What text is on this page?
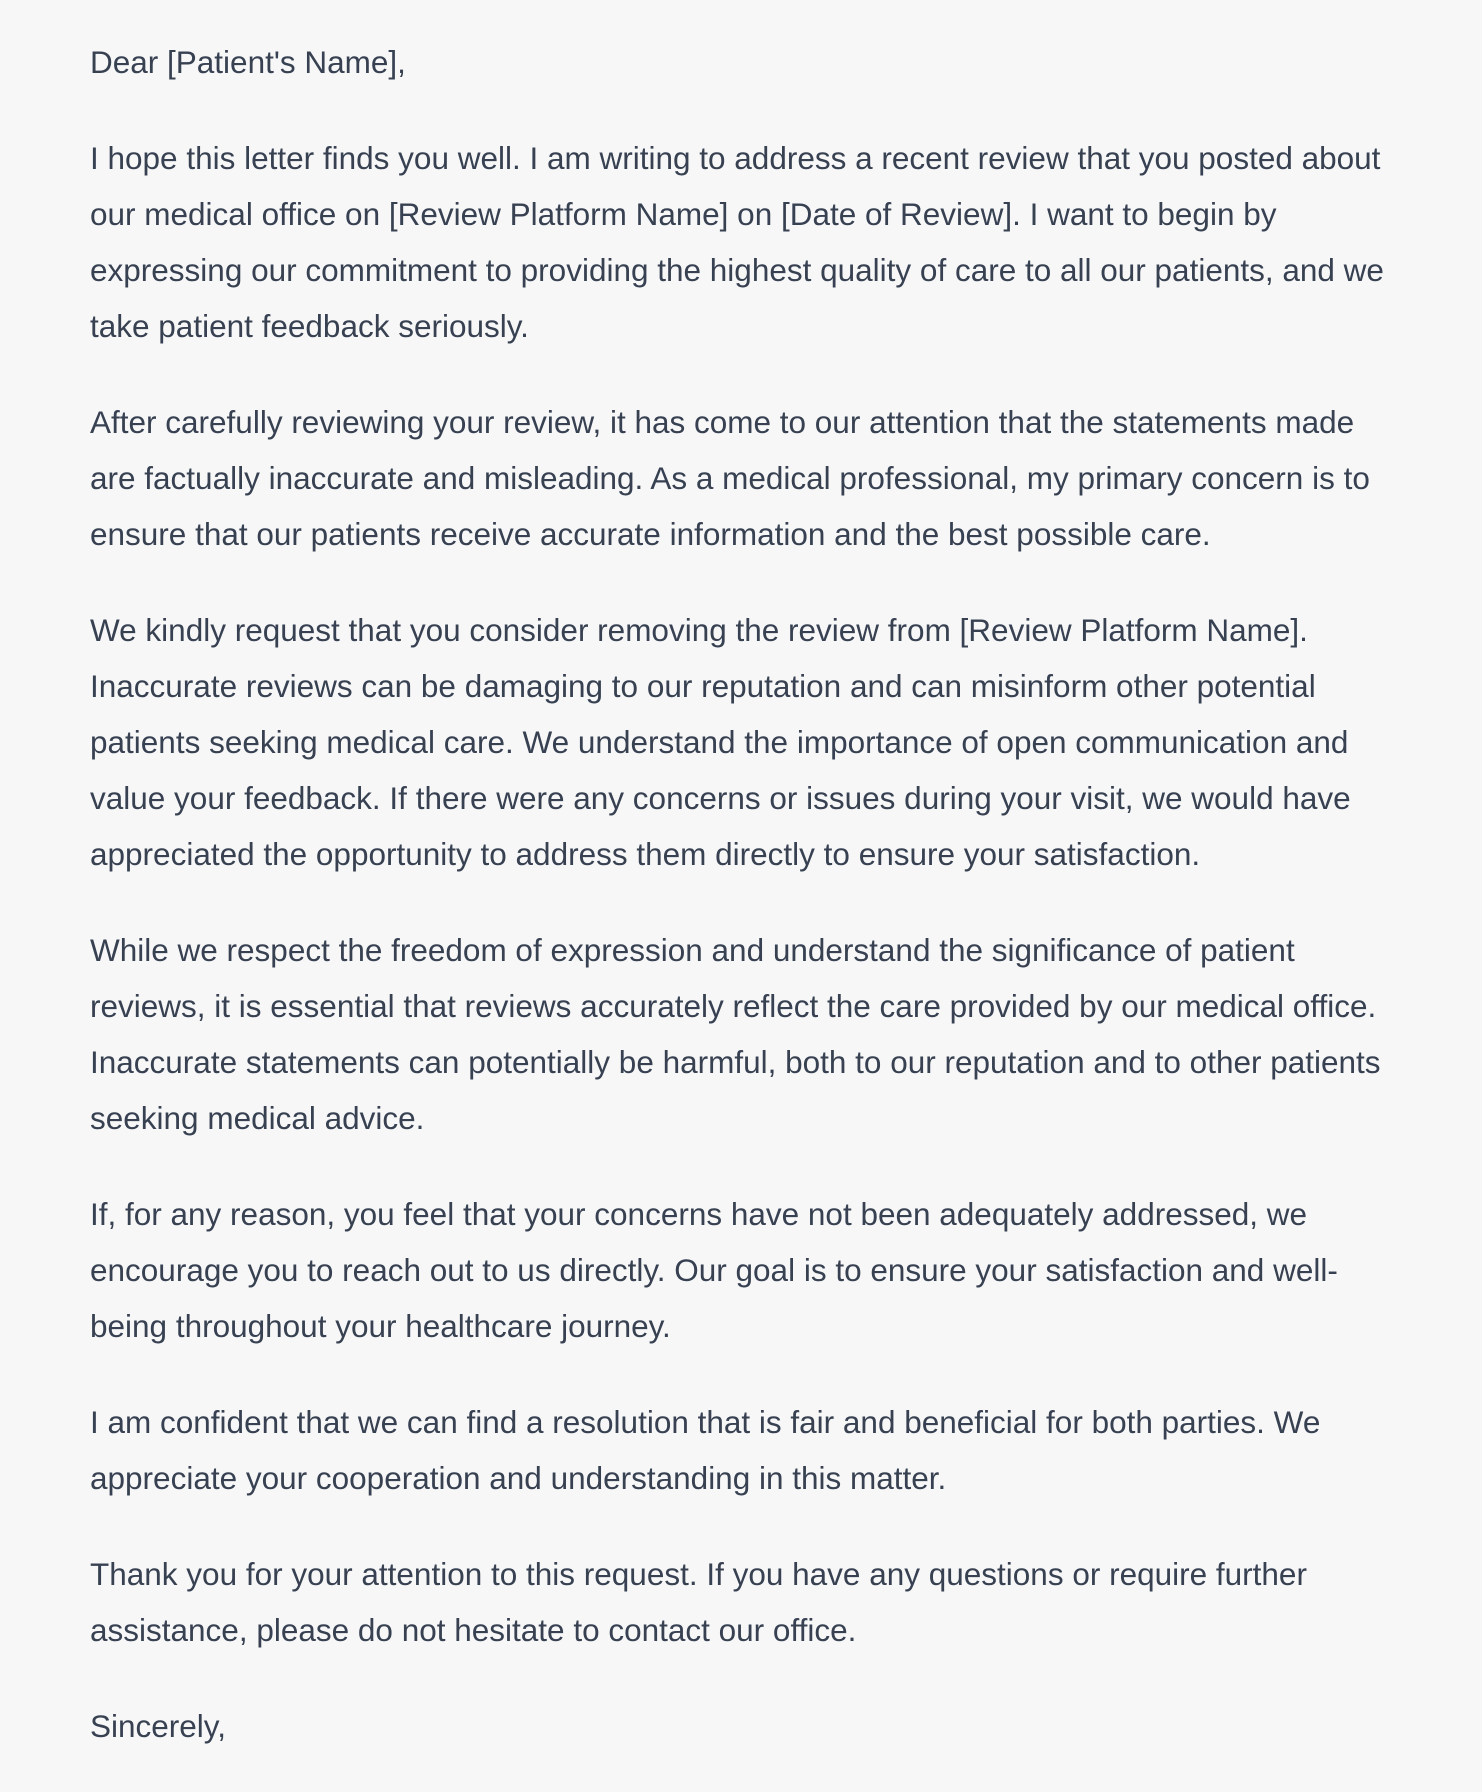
Dear [Patient's Name],

I hope this letter finds you well. I am writing to address a recent review that you posted about our medical office on [Review Platform Name] on [Date of Review]. I want to begin by expressing our commitment to providing the highest quality of care to all our patients, and we take patient feedback seriously.

After carefully reviewing your review, it has come to our attention that the statements made are factually inaccurate and misleading. As a medical professional, my primary concern is to ensure that our patients receive accurate information and the best possible care.

We kindly request that you consider removing the review from [Review Platform Name]. Inaccurate reviews can be damaging to our reputation and can misinform other potential patients seeking medical care. We understand the importance of open communication and value your feedback. If there were any concerns or issues during your visit, we would have appreciated the opportunity to address them directly to ensure your satisfaction.

While we respect the freedom of expression and understand the significance of patient reviews, it is essential that reviews accurately reflect the care provided by our medical office. Inaccurate statements can potentially be harmful, both to our reputation and to other patients seeking medical advice.

If, for any reason, you feel that your concerns have not been adequately addressed, we encourage you to reach out to us directly. Our goal is to ensure your satisfaction and well-being throughout your healthcare journey.

I am confident that we can find a resolution that is fair and beneficial for both parties. We appreciate your cooperation and understanding in this matter.

Thank you for your attention to this request. If you have any questions or require further assistance, please do not hesitate to contact our office.

Sincerely,
